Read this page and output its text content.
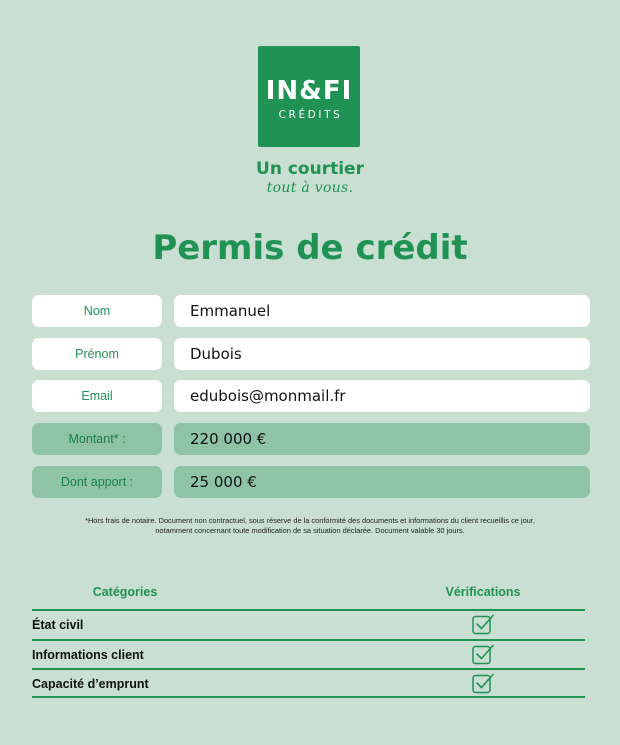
IN&FI
CRÉDITS
Un courtier
tout à vous.
Permis de crédit
Nom	Emmanuel
Prénom	Dubois
Email	edubois@monmail.fr
Montant* :	220 000 €
Dont apport :	25 000 €
*Hors frais de notaire. Document non contractuel, sous réserve de la conformité des documents et informations du client recueillis ce jour,
notamment concernant toute modification de sa situation déclarée. Document valable 30 jours.
Catégories	Vérifications
État civil
Informations client
Capacité d’emprunt
